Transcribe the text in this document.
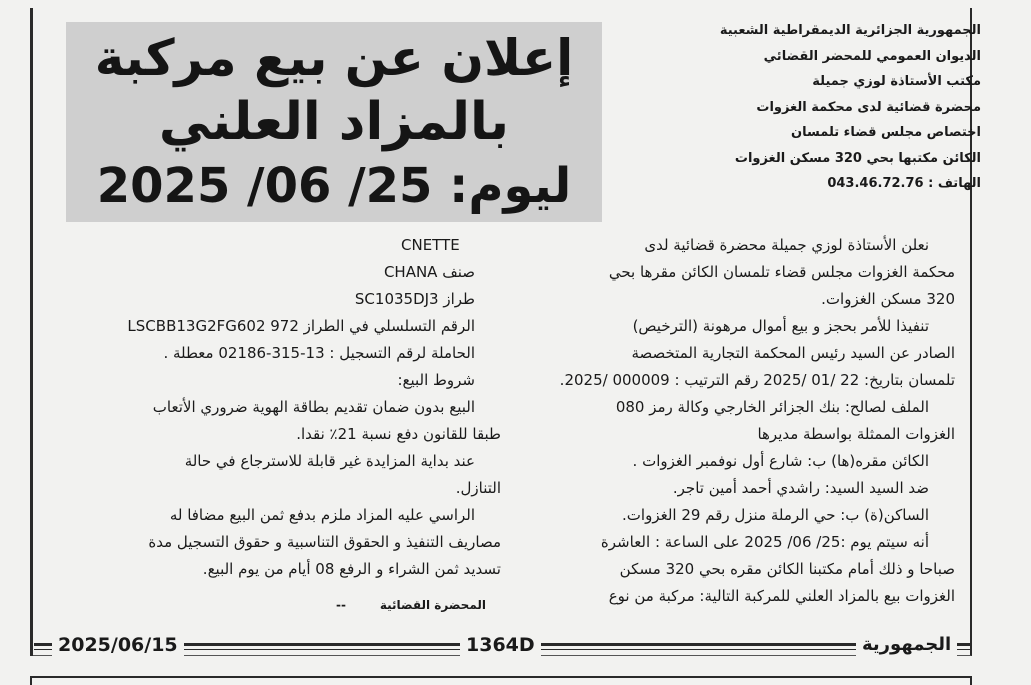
إعلان عن بيع مركبة
بالمزاد العلني
ليوم: 25/ 06/ 2025
الجمهورية الجزائرية الديمقراطية الشعبية
الديوان العمومي للمحضر القضائي
مكتب الأستاذة لوزي جميلة
محضرة قضائية لدى محكمة الغزوات
اختصاص مجلس قضاء تلمسان
الكائن مكتبها بحي 320 مسكن الغزوات
الهاتف : 043.46.72.76
نعلن الأستاذة لوزي جميلة محضرة قضائية لدى
محكمة الغزوات مجلس قضاء تلمسان الكائن مقرها بحي
320 مسكن الغزوات.
تنفيذا للأمر بحجز و بيع أموال مرهونة (الترخيص)
الصادر عن السيد رئيس المحكمة التجارية المتخصصة
تلمسان بتاريخ: 22 /01 /2025 رقم الترتيب : 000009 /2025.
الملف لصالح: بنك الجزائر الخارجي وكالة رمز 080
الغزوات الممثلة بواسطة مديرها
الكائن مقره(ها) ب: شارع أول نوفمبر الغزوات .
ضد السيد السيد: راشدي أحمد أمين تاجر.
الساكن(ة) ب: حي الرملة منزل رقم 29 الغزوات.
أنه سيتم يوم :25/ 06/ 2025 على الساعة : العاشرة
صباحا و ذلك أمام مكتبنا الكائن مقره بحي 320 مسكن
الغزوات بيع بالمزاد العلني للمركبة التالية: مركبة من نوع
CNETTE
صنف CHANA
طراز SC1035DJ3
الرقم التسلسلي في الطراز LSCBB13G2FG602 972
الحاملة لرقم التسجيل : 13-315-02186 معطلة .
شروط البيع:
البيع بدون ضمان تقديم بطاقة الهوية ضروري الأتعاب
طبقا للقانون دفع نسبة 21٪ نقدا.
عند بداية المزايدة غير قابلة للاسترجاع في حالة
التنازل.
الراسي عليه المزاد ملزم بدفع ثمن البيع مضافا له
مصاريف التنفيذ و الحقوق التناسبية و حقوق التسجيل مدة
تسديد ثمن الشراء و الرفع 08 أيام من يوم البيع.
المحضرة القضائية
--
2025/06/15	1364D	الجمهورية
